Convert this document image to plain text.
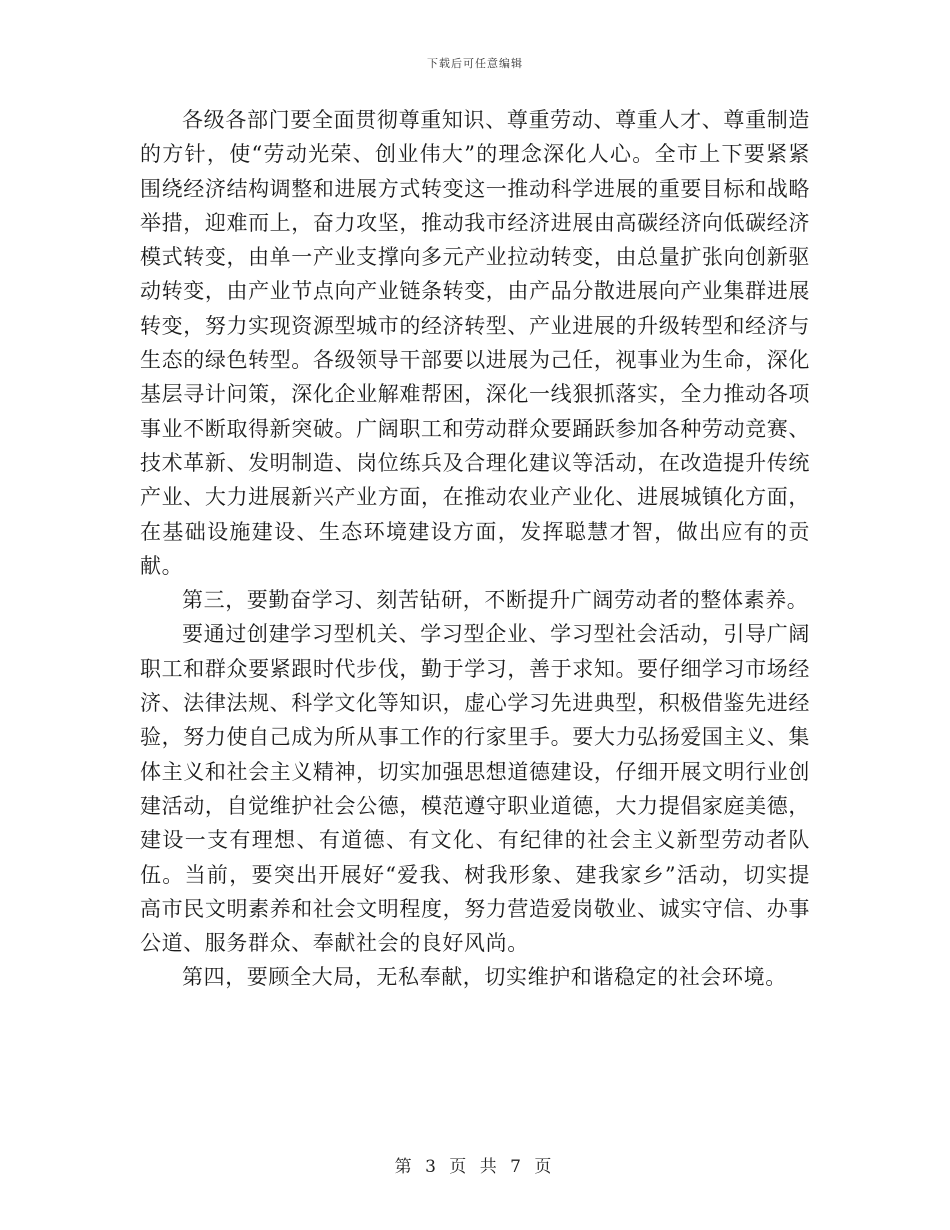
下载后可任意编辑

各级各部门要全面贯彻尊重知识、尊重劳动、尊重人才、尊重制造的方针，使“劳动光荣、创业伟大”的理念深化人心。全市上下要紧紧围绕经济结构调整和进展方式转变这一推动科学进展的重要目标和战略举措，迎难而上，奋力攻坚，推动我市经济进展由高碳经济向低碳经济模式转变，由单一产业支撑向多元产业拉动转变，由总量扩张向创新驱动转变，由产业节点向产业链条转变，由产品分散进展向产业集群进展转变，努力实现资源型城市的经济转型、产业进展的升级转型和经济与生态的绿色转型。各级领导干部要以进展为己任，视事业为生命，深化基层寻计问策，深化企业解难帮困，深化一线狠抓落实，全力推动各项事业不断取得新突破。广阔职工和劳动群众要踊跃参加各种劳动竞赛、技术革新、发明制造、岗位练兵及合理化建议等活动，在改造提升传统产业、大力进展新兴产业方面，在推动农业产业化、进展城镇化方面，在基础设施建设、生态环境建设方面，发挥聪慧才智，做出应有的贡献。

第三，要勤奋学习、刻苦钻研，不断提升广阔劳动者的整体素养。

要通过创建学习型机关、学习型企业、学习型社会活动，引导广阔职工和群众要紧跟时代步伐，勤于学习，善于求知。要仔细学习市场经济、法律法规、科学文化等知识，虚心学习先进典型，积极借鉴先进经验，努力使自己成为所从事工作的行家里手。要大力弘扬爱国主义、集体主义和社会主义精神，切实加强思想道德建设，仔细开展文明行业创建活动，自觉维护社会公德，模范遵守职业道德，大力提倡家庭美德，建设一支有理想、有道德、有文化、有纪律的社会主义新型劳动者队伍。当前，要突出开展好“爱我、树我形象、建我家乡”活动，切实提高市民文明素养和社会文明程度，努力营造爱岗敬业、诚实守信、办事公道、服务群众、奉献社会的良好风尚。

第四，要顾全大局，无私奉献，切实维护和谐稳定的社会环境。

第 3 页 共 7 页
